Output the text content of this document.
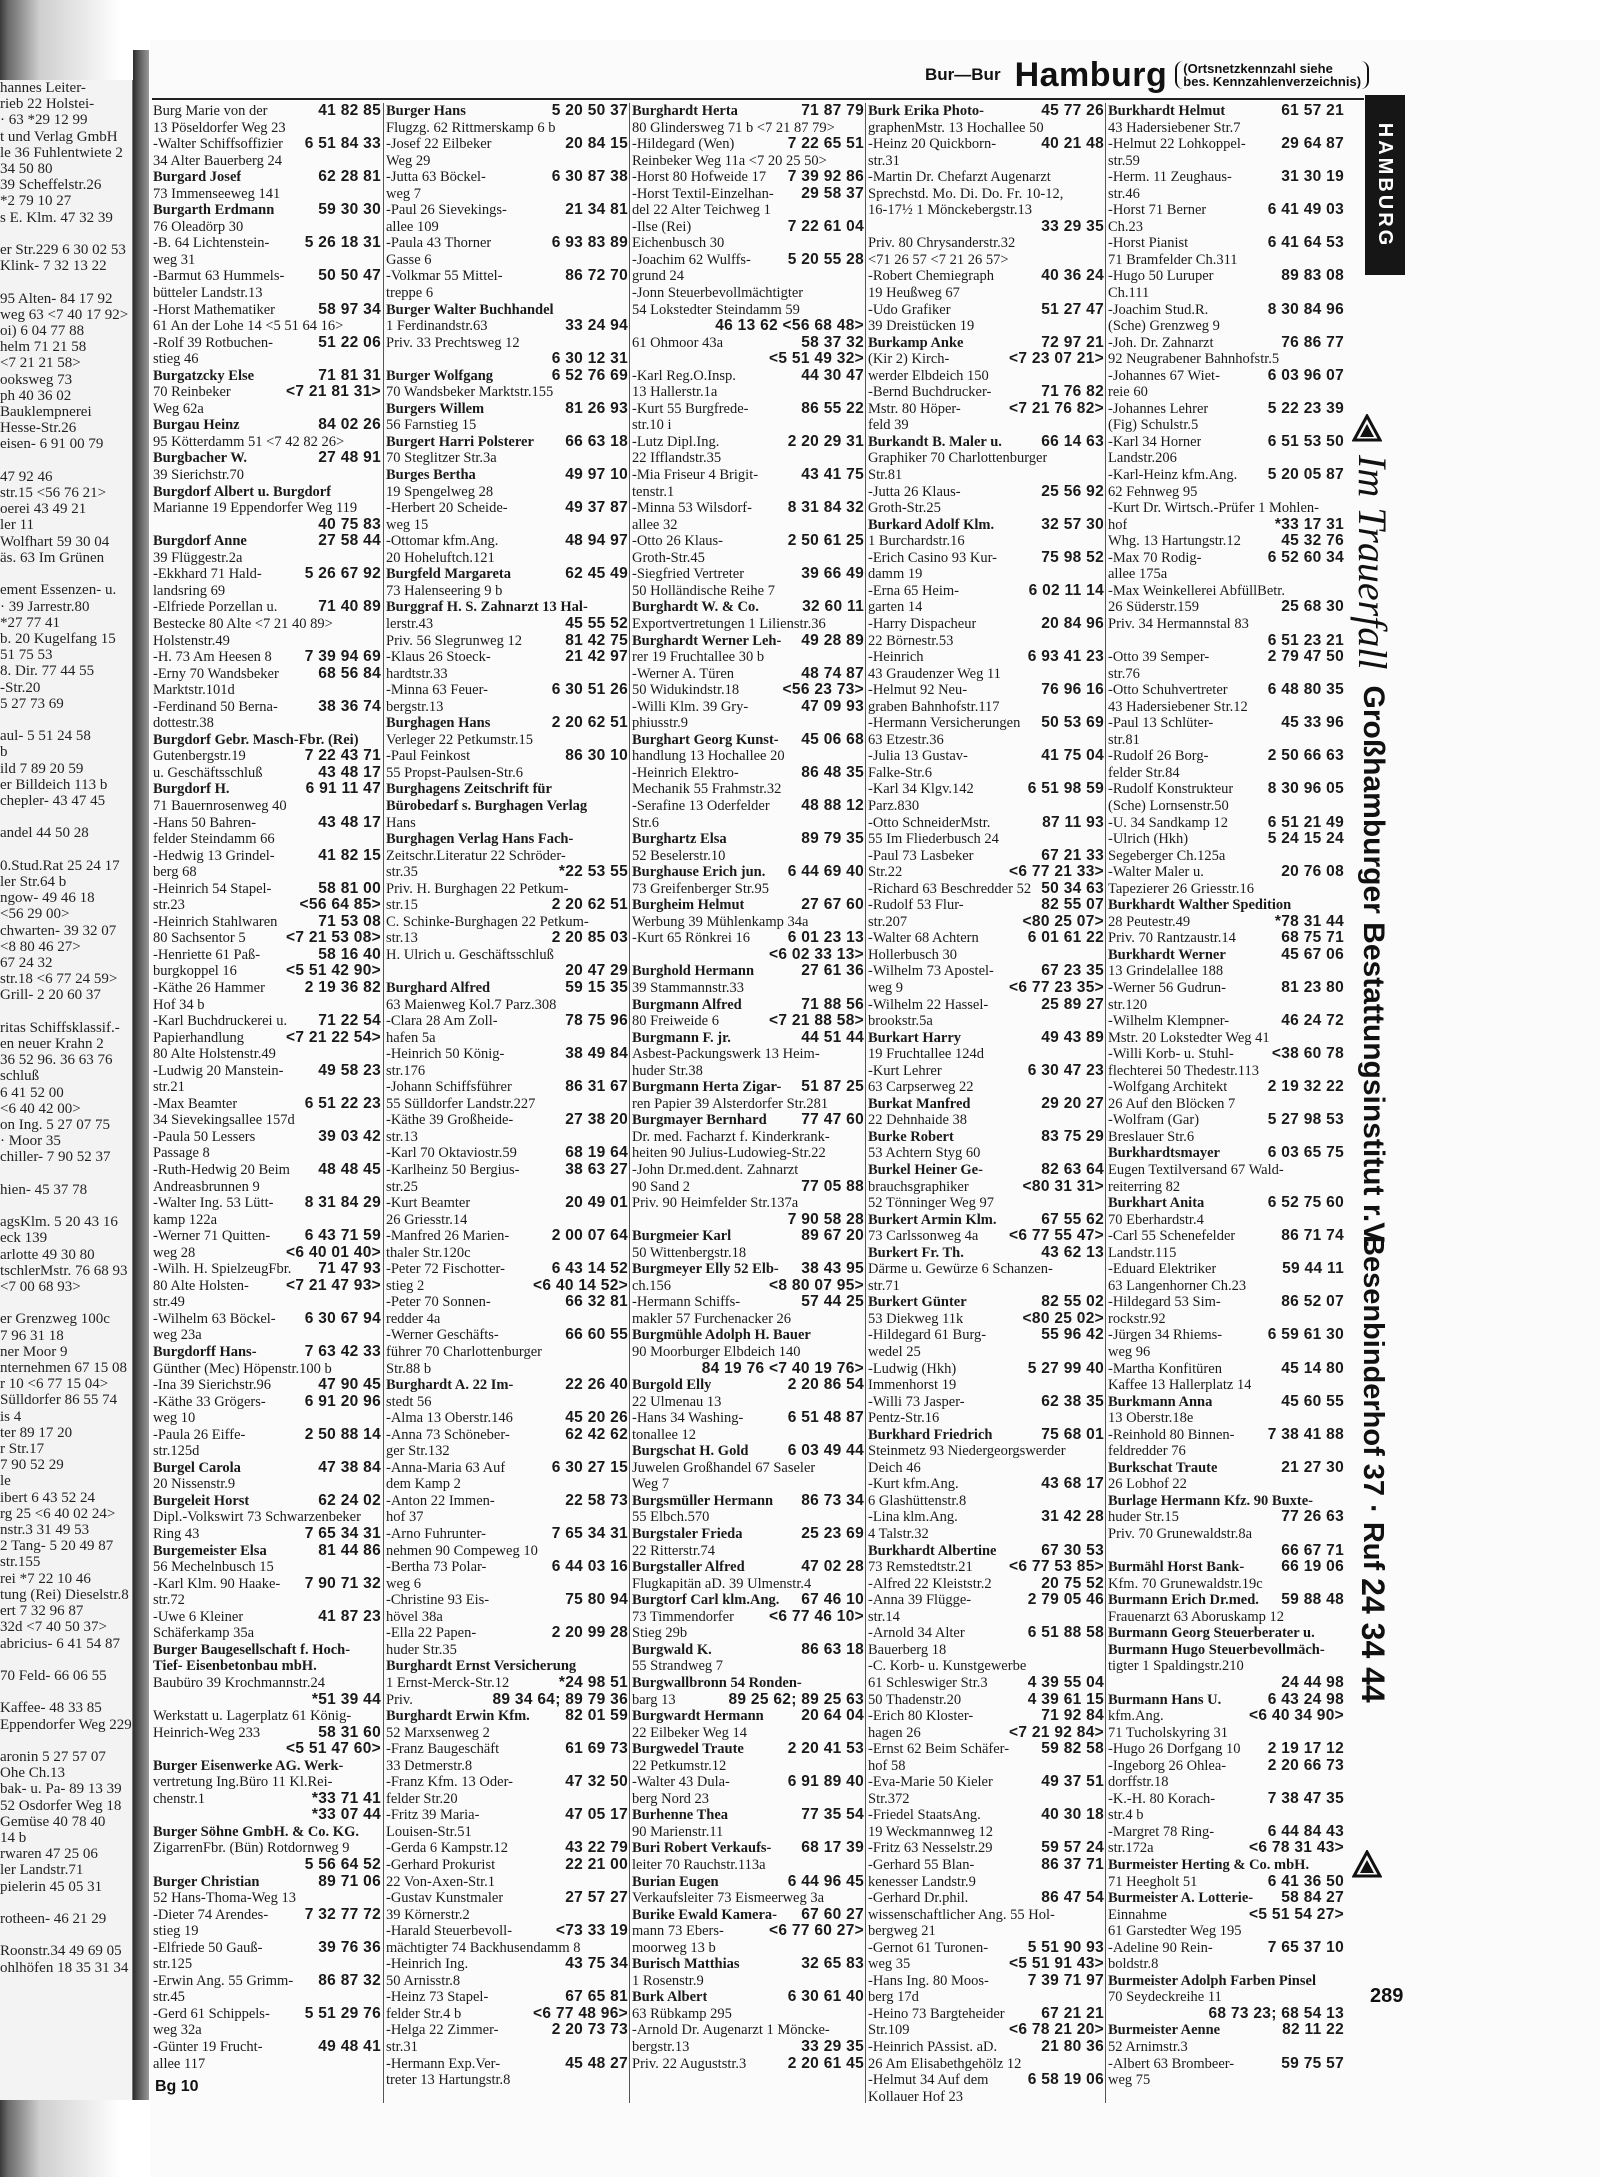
hannes Leiter-
rieb 22 Holstei-
· 63 *29 12 99
t und Verlag GmbH
le 36 Fuhlentwiete 2
34 50 80
39 Scheffelstr.26
*2 79 10 27
s E. Klm. 47 32 39

er Str.229 6 30 02 53
Klink- 7 32 13 22

95 Alten- 84 17 92
weg 63 <7 40 17 92>
oi) 6 04 77 88
helm 71 21 58
<7 21 21 58>
ooksweg 73
ph 40 36 02
Bauklempnerei
Hesse-Str.26
eisen- 6 91 00 79

47 92 46
str.15 <56 76 21>
oerei 43 49 21
ler 11
Wolfhart 59 30 04
äs. 63 Im Grünen

ement Essenzen- u.
· 39 Jarrestr.80
*27 77 41
b. 20 Kugelfang 15
51 75 53
8. Dir. 77 44 55
-Str.20
5 27 73 69

aul- 5 51 24 58
b
ild 7 89 20 59
er Billdeich 113 b
chepler- 43 47 45

andel 44 50 28

0.Stud.Rat 25 24 17
ler Str.64 b
ngow- 49 46 18
<56 29 00>
chwarten- 39 32 07
<8 80 46 27>
67 24 32
str.18 <6 77 24 59>
Grill- 2 20 60 37

ritas Schiffsklassif.-
en neuer Krahn 2
36 52 96. 36 63 76
schluß
6 41 52 00
<6 40 42 00>
on Ing. 5 27 07 75
· Moor 35
chiller- 7 90 52 37

hien- 45 37 78

agsKlm. 5 20 43 16
eck 139
arlotte 49 30 80
tschlerMstr. 76 68 93
<7 00 68 93>

er Grenzweg 100c
7 96 31 18
ner Moor 9
nternehmen 67 15 08
r 10 <6 77 15 04>
Sülldorfer 86 55 74
is 4
ter 89 17 20
r Str.17
7 90 52 29
le
ibert 6 43 52 24
rg 25 <6 40 02 24>
nstr.3 31 49 53
2 Tang- 5 20 49 87
str.155
rei *7 22 10 46
tung (Rei) Dieselstr.8
ert 7 32 96 87
32d <7 40 50 37>
abricius- 6 41 54 87

70 Feld- 66 06 55

Kaffee- 48 33 85
Eppendorfer Weg 229

aronin 5 27 57 07
Ohe Ch.13
bak- u. Pa- 89 13 39
52 Osdorfer Weg 18
Gemüse 40 78 40
14 b
rwaren 47 25 06
ler Landstr.71
pielerin 45 05 31

rotheen- 46 21 29

Roonstr.34 49 69 05
ohlhöfen 18 35 31 34
Bur—Bur Hamburg	(Ortsnetzkennzahl siehe
bes. Kennzahlenverzeichnis)
Burg Marie von der	41 82 85
13 Pöseldorfer Weg 23
-Walter Schiffsoffizier	6 51 84 33
34 Alter Bauerberg 24
Burgard Josef	62 28 81
73 Immenseeweg 141
Burgarth Erdmann	59 30 30
76 Oleadörp 30
-B. 64 Lichtenstein-	5 26 18 31
weg 31
-Barmut 63 Hummels-	50 50 47
bütteler Landstr.13
-Horst Mathematiker	58 97 34
61 An der Lohe 14 <5 51 64 16>
-Rolf 39 Rotbuchen-	51 22 06
stieg 46
Burgatzcky Else	71 81 31
70 Reinbeker	<7 21 81 31>
Weg 62a
Burgau Heinz	84 02 26
95 Kötterdamm 51 <7 42 82 26>
Burgbacher W.	27 48 91
39 Sierichstr.70
Burgdorf Albert u. Burgdorf
Marianne 19 Eppendorfer Weg 119

40 75 83
Burgdorf Anne	27 58 44
39 Flüggestr.2a
-Ekkhard 71 Hald-	5 26 67 92
landsring 69
-Elfriede Porzellan u.	71 40 89
Bestecke 80 Alte <7 21 40 89>
Holstenstr.49
-H. 73 Am Heesen 8	7 39 94 69
-Erny 70 Wandsbeker	68 56 84
Marktstr.101d
-Ferdinand 50 Berna-	38 36 74
dottestr.38
Burgdorf Gebr. Masch-Fbr. (Rei)
Gutenbergstr.19	7 22 43 71
u. Geschäftsschluß	43 48 17
Burgdorf H.	6 91 11 47
71 Bauernrosenweg 40
-Hans 50 Bahren-	43 48 17
felder Steindamm 66
-Hedwig 13 Grindel-	41 82 15
berg 68
-Heinrich 54 Stapel-	58 81 00
str.23	<56 64 85>
-Heinrich Stahlwaren	71 53 08
80 Sachsentor 5	<7 21 53 08>
-Henriette 61 Paß-	58 16 40
burgkoppel 16	<5 51 42 90>
-Käthe 26 Hammer	2 19 36 82
Hof 34 b
-Karl Buchdruckerei u.	71 22 54
Papierhandlung	<7 21 22 54>
80 Alte Holstenstr.49
-Ludwig 20 Manstein-	49 58 23
str.21
-Max Beamter	6 51 22 23
34 Sievekingsallee 157d
-Paula 50 Lessers	39 03 42
Passage 8
-Ruth-Hedwig 20 Beim	48 48 45
Andreasbrunnen 9
-Walter Ing. 53 Lütt-	8 31 84 29
kamp 122a
-Werner 71 Quitten-	6 43 71 59
weg 28	<6 40 01 40>
-Wilh. H. SpielzeugFbr.	71 47 93
80 Alte Holsten-	<7 21 47 93>
str.49
-Wilhelm 63 Böckel-	6 30 67 94
weg 23a
Burgdorff Hans-	7 63 42 33
Günther (Mec) Höpenstr.100 b
-Ina 39 Sierichstr.96	47 90 45
-Käthe 33 Grögers-	6 91 20 96
weg 10
-Paula 26 Eiffe-	2 50 88 14
str.125d
Burgel Carola	47 38 84
20 Nissenstr.9
Burgeleit Horst	62 24 02
Dipl.-Volkswirt 73 Schwarzenbeker
Ring 43	7 65 34 31
Burgemeister Elsa	81 44 86
56 Mechelnbusch 15
-Karl Klm. 90 Haake-	7 90 71 32
str.72
-Uwe 6 Kleiner	41 87 23
Schäferkamp 35a
Burger Baugesellschaft f. Hoch-
Tief- Eisenbetonbau mbH.
Baubüro 39 Krochmannstr.24

*51 39 44
Werkstatt u. Lagerplatz 61 König-
Heinrich-Weg 233	58 31 60

<5 51 47 60>
Burger Eisenwerke AG. Werk-
vertretung Ing.Büro 11 Kl.Rei-
chenstr.1	*33 71 41

*33 07 44
Burger Söhne GmbH. & Co. KG.
ZigarrenFbr. (Bün) Rotdornweg 9

5 56 64 52
Burger Christian	89 71 06
52 Hans-Thoma-Weg 13
-Dieter 74 Arendes-	7 32 77 72
stieg 19
-Elfriede 50 Gauß-	39 76 36
str.125
-Erwin Ang. 55 Grimm-	86 87 32
str.45
-Gerd 61 Schippels-	5 51 29 76
weg 32a
-Günter 19 Frucht-	49 48 41
allee 117
Burger Hans	5 20 50 37
Flugzg. 62 Rittmerskamp 6 b
-Josef 22 Eilbeker	20 84 15
Weg 29
-Jutta 63 Böckel-	6 30 87 38
weg 7
-Paul 26 Sievekings-	21 34 81
allee 109
-Paula 43 Thorner	6 93 83 89
Gasse 6
-Volkmar 55 Mittel-	86 72 70
treppe 6
Burger Walter Buchhandel
1 Ferdinandstr.63	33 24 94
Priv. 33 Prechtsweg 12

6 30 12 31
Burger Wolfgang	6 52 76 69
70 Wandsbeker Marktstr.155
Burgers Willem	81 26 93
56 Farnstieg 15
Burgert Harri Polsterer	66 63 18
70 Steglitzer Str.3a
Burges Bertha	49 97 10
19 Spengelweg 28
-Herbert 20 Scheide-	49 37 87
weg 15
-Ottomar kfm.Ang.	48 94 97
20 Hoheluftch.121
Burgfeld Margareta	62 45 49
73 Halenseering 9 b
Burggraf H. S. Zahnarzt 13 Hal-
lerstr.43	45 55 52
Priv. 56 Slegrunweg 12	81 42 75
-Klaus 26 Stoeck-	21 42 97
hardtstr.33
-Minna 63 Feuer-	6 30 51 26
bergstr.13
Burghagen Hans	2 20 62 51
Verleger 22 Petkumstr.15
-Paul Feinkost	86 30 10
55 Propst-Paulsen-Str.6
Burghagens Zeitschrift für
Bürobedarf s. Burghagen Verlag
Hans
Burghagen Verlag Hans Fach-
Zeitschr.Literatur 22 Schröder-
str.35	*22 53 55
Priv. H. Burghagen 22 Petkum-
str.15	2 20 62 51
C. Schinke-Burghagen 22 Petkum-
str.13	2 20 85 03
H. Ulrich u. Geschäftsschluß

20 47 29
Burghard Alfred	59 15 35
63 Maienweg Kol.7 Parz.308
-Clara 28 Am Zoll-	78 75 96
hafen 5a
-Heinrich 50 König-	38 49 84
str.176
-Johann Schiffsführer	86 31 67
55 Sülldorfer Landstr.227
-Käthe 39 Großheide-	27 38 20
str.13
-Karl 70 Oktaviostr.59	68 19 64
-Karlheinz 50 Bergius-	38 63 27
str.25
-Kurt Beamter	20 49 01
26 Griesstr.14
-Manfred 26 Marien-	2 00 07 64
thaler Str.120c
-Peter 72 Fischotter-	6 43 14 52
stieg 2	<6 40 14 52>
-Peter 70 Sonnen-	66 32 81
redder 4a
-Werner Geschäfts-	66 60 55
führer 70 Charlottenburger
Str.88 b
Burghardt A. 22 Im-	22 26 40
stedt 56
-Alma 13 Oberstr.146	45 20 26
-Anna 73 Schöneber-	62 42 62
ger Str.132
-Anna-Maria 63 Auf	6 30 27 15
dem Kamp 2
-Anton 22 Immen-	22 58 73
hof 37
-Arno Fuhrunter-	7 65 34 31
nehmen 90 Compeweg 10
-Bertha 73 Polar-	6 44 03 16
weg 6
-Christine 93 Eis-	75 80 94
hövel 38a
-Ella 22 Papen-	2 20 99 28
huder Str.35
Burghardt Ernst Versicherung
1 Ernst-Merck-Str.12	*24 98 51
Priv.	89 34 64; 89 79 36
Burghardt Erwin Kfm.	82 01 59
52 Marxsenweg 2
-Franz Baugeschäft	61 69 73
33 Detmerstr.8
-Franz Kfm. 13 Oder-	47 32 50
felder Str.20
-Fritz 39 Maria-	47 05 17
Louisen-Str.51
-Gerda 6 Kampstr.12	43 22 79
-Gerhard Prokurist	22 21 00
22 Von-Axen-Str.1
-Gustav Kunstmaler	27 57 27
39 Körnerstr.2
-Harald Steuerbevoll-	<73 33 19
mächtigter 74 Backhusendamm 8
-Heinrich Ing.	43 75 34
50 Arnisstr.8
-Heinz 73 Stapel-	67 65 81
felder Str.4 b	<6 77 48 96>
-Helga 22 Zimmer-	2 20 73 73
str.31
-Hermann Exp.Ver-	45 48 27
treter 13 Hartungstr.8
Burghardt Herta	71 87 79
80 Glindersweg 71 b <7 21 87 79>
-Hildegard (Wen)	7 22 65 51
Reinbeker Weg 11a <7 20 25 50>
-Horst 80 Hofweide 17	7 39 92 86
-Horst Textil-Einzelhan-	29 58 37
del 22 Alter Teichweg 1
-Ilse (Rei)	7 22 61 04
Eichenbusch 30
-Joachim 62 Wulffs-	5 20 55 28
grund 24
-Jonn Steuerbevollmächtigter
54 Lokstedter Steindamm 59

46 13 62 <56 68 48>
61 Ohmoor 43a	58 37 32

<5 51 49 32>
-Karl Reg.O.Insp.	44 30 47
13 Hallerstr.1a
-Kurt 55 Burgfrede-	86 55 22
str.10 i
-Lutz Dipl.Ing.	2 20 29 31
22 Ifflandstr.35
-Mia Friseur 4 Brigit-	43 41 75
tenstr.1
-Minna 53 Wilsdorf-	8 31 84 32
allee 32
-Otto 26 Klaus-	2 50 61 25
Groth-Str.45
-Siegfried Vertreter	39 66 49
50 Holländische Reihe 7
Burghardt W. & Co.	32 60 11
Exportvertretungen 1 Lilienstr.36
Burghardt Werner Leh-	49 28 89
rer 19 Fruchtallee 30 b
-Werner A. Türen	48 74 87
50 Widukindstr.18	<56 23 73>
-Willi Klm. 39 Gry-	47 09 93
phiusstr.9
Burghart Georg Kunst-	45 06 68
handlung 13 Hochallee 20
-Heinrich Elektro-	86 48 35
Mechanik 55 Frahmstr.32
-Serafine 13 Oderfelder	48 88 12
Str.6
Burghartz Elsa	89 79 35
52 Beselerstr.10
Burghause Erich jun.	6 44 69 40
73 Greifenberger Str.95
Burgheim Helmut	27 67 60
Werbung 39 Mühlenkamp 34a
-Kurt 65 Rönkrei 16	6 01 23 13

<6 02 33 13>
Burghold Hermann	27 61 36
39 Stammannstr.33
Burgmann Alfred	71 88 56
80 Freiweide 6	<7 21 88 58>
Burgmann F. jr.	44 51 44
Asbest-Packungswerk 13 Heim-
huder Str.38
Burgmann Herta Zigar-	51 87 25
ren Papier 39 Alsterdorfer Str.281
Burgmayer Bernhard	77 47 60
Dr. med. Facharzt f. Kinderkrank-
heiten 90 Julius-Ludowieg-Str.22
-John Dr.med.dent. Zahnarzt
90 Sand 2	77 05 88
Priv. 90 Heimfelder Str.137a

7 90 58 28
Burgmeier Karl	89 67 20
50 Wittenbergstr.18
Burgmeyer Elly 52 Elb-	38 43 95
ch.156	<8 80 07 95>
-Hermann Schiffs-	57 44 25
makler 57 Furchenacker 26
Burgmühle Adolph H. Bauer
90 Moorburger Elbdeich 140

84 19 76 <7 40 19 76>
Burgold Elly	2 20 86 54
22 Ulmenau 13
-Hans 34 Washing-	6 51 48 87
tonallee 12
Burgschat H. Gold	6 03 49 44
Juwelen Großhandel 67 Saseler
Weg 7
Burgsmüller Hermann	86 73 34
55 Elbch.570
Burgstaler Frieda	25 23 69
22 Ritterstr.74
Burgstaller Alfred	47 02 28
Flugkapitän aD. 39 Ulmenstr.4
Burgtorf Carl klm.Ang.	67 46 10
73 Timmendorfer	<6 77 46 10>
Stieg 29b
Burgwald K.	86 63 18
55 Strandweg 7
Burgwallbronn 54 Ronden-
barg 13	89 25 62; 89 25 63
Burgwardt Hermann	20 64 04
22 Eilbeker Weg 14
Burgwedel Traute	2 20 41 53
22 Petkumstr.12
-Walter 43 Dula-	6 91 89 40
berg Nord 23
Burhenne Thea	77 35 54
90 Marienstr.11
Buri Robert Verkaufs-	68 17 39
leiter 70 Rauchstr.113a
Burian Eugen	6 44 96 45
Verkaufsleiter 73 Eismeerweg 3a
Burike Ewald Kamera-	67 60 27
mann 73 Ebers-	<6 77 60 27>
moorweg 13 b
Burisch Matthias	32 65 83
1 Rosenstr.9
Burk Albert	6 30 61 40
63 Rübkamp 295
-Arnold Dr. Augenarzt 1 Möncke-
bergstr.13	33 29 35
Priv. 22 Auguststr.3	2 20 61 45
Burk Erika Photo-	45 77 26
graphenMstr. 13 Hochallee 50
-Heinz 20 Quickborn-	40 21 48
str.31
-Martin Dr. Chefarzt Augenarzt
Sprechstd. Mo. Di. Do. Fr. 10-12,
16-17½ 1 Mönckebergstr.13

33 29 35
Priv. 80 Chrysanderstr.32
<71 26 57 <7 21 26 57>
-Robert Chemiegraph	40 36 24
19 Heußweg 67
-Udo Grafiker	51 27 47
39 Dreistücken 19
Burkamp Anke	72 97 21
(Kir 2) Kirch-	<7 23 07 21>
werder Elbdeich 150
-Bernd Buchdrucker-	71 76 82
Mstr. 80 Höper-	<7 21 76 82>
feld 39
Burkandt B. Maler u.	66 14 63
Graphiker 70 Charlottenburger
Str.81
-Jutta 26 Klaus-	25 56 92
Groth-Str.25
Burkard Adolf Klm.	32 57 30
1 Burchardstr.16
-Erich Casino 93 Kur-	75 98 52
damm 19
-Erna 65 Heim-	6 02 11 14
garten 14
-Harry Dispacheur	20 84 96
22 Börnestr.53
-Heinrich	6 93 41 23
43 Graudenzer Weg 11
-Helmut 92 Neu-	76 96 16
graben Bahnhofstr.117
-Hermann Versicherungen	50 53 69
63 Etzestr.36
-Julia 13 Gustav-	41 75 04
Falke-Str.6
-Karl 34 Klgv.142	6 51 98 59
Parz.830
-Otto SchneiderMstr.	87 11 93
55 Im Fliederbusch 24
-Paul 73 Lasbeker	67 21 33
Str.22	<6 77 21 33>
-Richard 63 Beschredder 52 50 34 63
-Rudolf 53 Flur-	82 55 07
str.207	<80 25 07>
-Walter 68 Achtern	6 01 61 22
Hollerbusch 30
-Wilhelm 73 Apostel-	67 23 35
weg 9	<6 77 23 35>
-Wilhelm 22 Hassel-	25 89 27
brookstr.5a
Burkart Harry	49 43 89
19 Fruchtallee 124d
-Kurt Lehrer	6 30 47 23
63 Carpserweg 22
Burkat Manfred	29 20 27
22 Dehnhaide 38
Burke Robert	83 75 29
53 Achtern Styg 60
Burkel Heiner Ge-	82 63 64
brauchsgraphiker	<80 31 31>
52 Tönninger Weg 97
Burkert Armin Klm.	67 55 62
73 Carlssonweg 4a	<6 77 55 47>
Burkert Fr. Th.	43 62 13
Därme u. Gewürze 6 Schanzen-
str.71
Burkert Günter	82 55 02
53 Diekweg 11k	<80 25 02>
-Hildegard 61 Burg-	55 96 42
wedel 25
-Ludwig (Hkh)	5 27 99 40
Immenhorst 19
-Willi 73 Jasper-	62 38 35
Pentz-Str.16
Burkhard Friedrich	75 68 01
Steinmetz 93 Niedergeorgswerder
Deich 46
-Kurt kfm.Ang.	43 68 17
6 Glashüttenstr.8
-Lina klm.Ang.	31 42 28
4 Talstr.32
Burkhardt Albertine	67 30 53
73 Remstedtstr.21	<6 77 53 85>
-Alfred 22 Kleiststr.2	20 75 52
-Anna 39 Flügge-	2 79 05 46
str.14
-Arnold 34 Alter	6 51 88 58
Bauerberg 18
-C. Korb- u. Kunstgewerbe
61 Schleswiger Str.3	4 39 55 04
50 Thadenstr.20	4 39 61 15
-Erich 80 Kloster-	71 92 84
hagen 26	<7 21 92 84>
-Ernst 62 Beim Schäfer-	59 82 58
hof 58
-Eva-Marie 50 Kieler	49 37 51
Str.372
-Friedel StaatsAng.	40 30 18
19 Weckmannweg 12
-Fritz 63 Nesselstr.29	59 57 24
-Gerhard 55 Blan-	86 37 71
kenesser Landstr.9
-Gerhard Dr.phil.	86 47 54
wissenschaftlicher Ang. 55 Hol-
bergweg 21
-Gernot 61 Turonen-	5 51 90 93
weg 35	<5 51 91 43>
-Hans Ing. 80 Moos-	7 39 71 97
berg 17d
-Heino 73 Bargteheider	67 21 21
Str.109	<6 78 21 20>
-Heinrich PAssist. aD.	21 80 36
26 Am Elisabethgehölz 12
-Helmut 34 Auf dem	6 58 19 06
Kollauer Hof 23
Burkhardt Helmut	61 57 21
43 Hadersiebener Str.7
-Helmut 22 Lohkoppel-	29 64 87
str.59
-Herm. 11 Zeughaus-	31 30 19
str.46
-Horst 71 Berner	6 41 49 03
Ch.23
-Horst Pianist	6 41 64 53
71 Bramfelder Ch.311
-Hugo 50 Luruper	89 83 08
Ch.111
-Joachim Stud.R.	8 30 84 96
(Sche) Grenzweg 9
-Joh. Dr. Zahnarzt	76 86 77
92 Neugrabener Bahnhofstr.5
-Johannes 67 Wiet-	6 03 96 07
reie 60
-Johannes Lehrer	5 22 23 39
(Fig) Schulstr.5
-Karl 34 Horner	6 51 53 50
Landstr.206
-Karl-Heinz kfm.Ang.	5 20 05 87
62 Fehnweg 95
-Kurt Dr. Wirtsch.-Prüfer 1 Mohlen-
hof	*33 17 31
Whg. 13 Hartungstr.12	45 32 76
-Max 70 Rodig-	6 52 60 34
allee 175a
-Max Weinkellerei AbfüllBetr.
26 Süderstr.159	25 68 30
Priv. 34 Hermannstal 83

6 51 23 21
-Otto 39 Semper-	2 79 47 50
str.76
-Otto Schuhvertreter	6 48 80 35
43 Hadersiebener Str.12
-Paul 13 Schlüter-	45 33 96
str.81
-Rudolf 26 Borg-	2 50 66 63
felder Str.84
-Rudolf Konstrukteur	8 30 96 05
(Sche) Lornsenstr.50
-U. 34 Sandkamp 12	6 51 21 49
-Ulrich (Hkh)	5 24 15 24
Segeberger Ch.125a
-Walter Maler u.	20 76 08
Tapezierer 26 Griesstr.16
Burkhardt Walther Spedition
28 Peutestr.49	*78 31 44
Priv. 70 Rantzaustr.14	68 75 71
Burkhardt Werner	45 67 06
13 Grindelallee 188
-Werner 56 Gudrun-	81 23 80
str.120
-Wilhelm Klempner-	46 24 72
Mstr. 20 Lokstedter Weg 41
-Willi Korb- u. Stuhl-	<38 60 78
flechterei 50 Thedestr.113
-Wolfgang Architekt	2 19 32 22
26 Auf den Blöcken 7
-Wolfram (Gar)	5 27 98 53
Breslauer Str.6
Burkhardtsmayer	6 03 65 75
Eugen Textilversand 67 Wald-
reiterring 82
Burkhart Anita	6 52 75 60
70 Eberhardstr.4
-Carl 55 Schenefelder	86 71 74
Landstr.115
-Eduard Elektriker	59 44 11
63 Langenhorner Ch.23
-Hildegard 53 Sim-	86 52 07
rockstr.92
-Jürgen 34 Rhiems-	6 59 61 30
weg 96
-Martha Konfitüren	45 14 80
Kaffee 13 Hallerplatz 14
Burkmann Anna	45 60 55
13 Oberstr.18e
-Reinhold 80 Binnen-	7 38 41 88
feldredder 76
Burkschat Traute	21 27 30
26 Lobhof 22
Burlage Hermann Kfz. 90 Buxte-
huder Str.15	77 26 63
Priv. 70 Grunewaldstr.8a

66 67 71
Burmähl Horst Bank-	66 19 06
Kfm. 70 Grunewaldstr.19c
Burmann Erich Dr.med.	59 88 48
Frauenarzt 63 Aboruskamp 12
Burmann Georg Steuerberater u.
Burmann Hugo Steuerbevollmäch-
tigter 1 Spaldingstr.210

24 44 98
Burmann Hans U.	6 43 24 98
kfm.Ang.	<6 40 34 90>
71 Tucholskyring 31
-Hugo 26 Dorfgang 10	2 19 17 12
-Ingeborg 26 Ohlea-	2 20 66 73
dorffstr.18
-K.-H. 80 Korach-	7 38 47 35
str.4 b
-Margret 78 Ring-	6 44 84 43
str.172a	<6 78 31 43>
Burmeister Herting & Co. mbH.
71 Heegholt 51	6 41 36 50
Burmeister A. Lotterie-	58 84 27
Einnahme	<5 51 54 27>
61 Garstedter Weg 195
-Adeline 90 Rein-	7 65 37 10
boldstr.8
Burmeister Adolph Farben Pinsel
70 Seydeckreihe 11

68 73 23; 68 54 13
Burmeister Aenne	82 11 22
52 Arnimstr.3
-Albert 63 Brombeer-	59 75 57
weg 75
HAMBURG
Im Trauerfall
Großhamburger Bestattungsinstitut r.V.
Besenbinderhof 37 · Ruf
24 34 44
289
Bg 10
